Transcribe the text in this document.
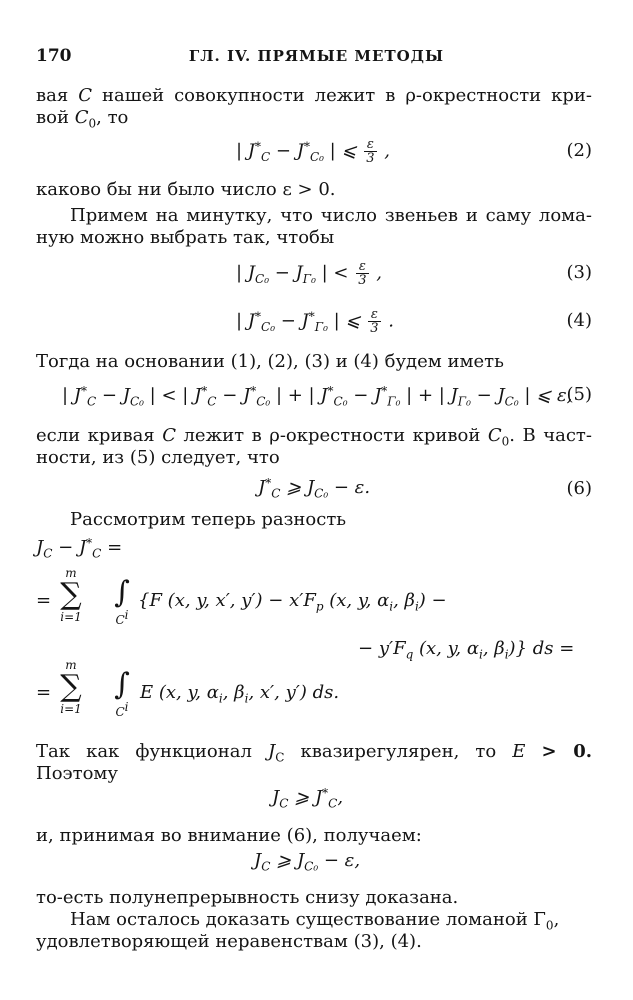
170	ГЛ. IV. ПРЯМЫЕ МЕТОДЫ
вая C нашей совокупности лежит в ρ-окрестности кри-
вой $C_0$, то
| $J^*_C - J^*_{C_0}$ | ⩽ $\frac{\varepsilon}{3}$ ,	(2)
каково бы ни было число ε > 0.
Примем на минутку, что число звеньев и саму лома-
ную можно выбрать так, чтобы
| $J_{C_0} - J_{\Gamma_0}$ | < $\frac{\varepsilon}{3}$ ,	(3)
| $J^*_{C_0} - J^*_{\Gamma_0}$ | ⩽ $\frac{\varepsilon}{3}$ .	(4)
Тогда на основании (1), (2), (3) и (4) будем иметь
| $J^*_C - J_{C_0}$ | < | $J^*_C - J^*_{C_0}$ | + | $J^*_{C_0} - J^*_{\Gamma_0}$ | + | $J_{\Gamma_0} - J_{C_0}$ | ⩽ ε,
(5)
если кривая C лежит в ρ-окрестности кривой $C_0$. В част-
ности, из (5) следует, что
$J^*_C$ ⩾ $J_{C_0} - \varepsilon$.	(6)
Рассмотрим теперь разность
$J_C - J^*_C$ =
=
m
∑
i=1
∫
$C^i$
{F (x, y, x′, $y') - x'F_p$ (x, y, $\alpha_i$, $\beta_i$) −
− $y'F_q$ (x, y, $\alpha_i$, $\beta_i$)} ds =
=
m
∑
i=1
∫
$C^i$
E (x, y, $\alpha_i$, $\beta_i$, x′, y′) ds.
Так как функционал $J_C$ квазирегулярен, то E > 0.
Поэтому
$J_C$ ⩾ $J^*_C$,
и, принимая во внимание (6), получаем:
$J_C$ ⩾ $J_{C_0} - \varepsilon$,
то-есть полунепрерывность снизу доказана.
Нам осталось доказать существование ломаной $\Gamma_0$,
удовлетворяющей неравенствам (3), (4).
